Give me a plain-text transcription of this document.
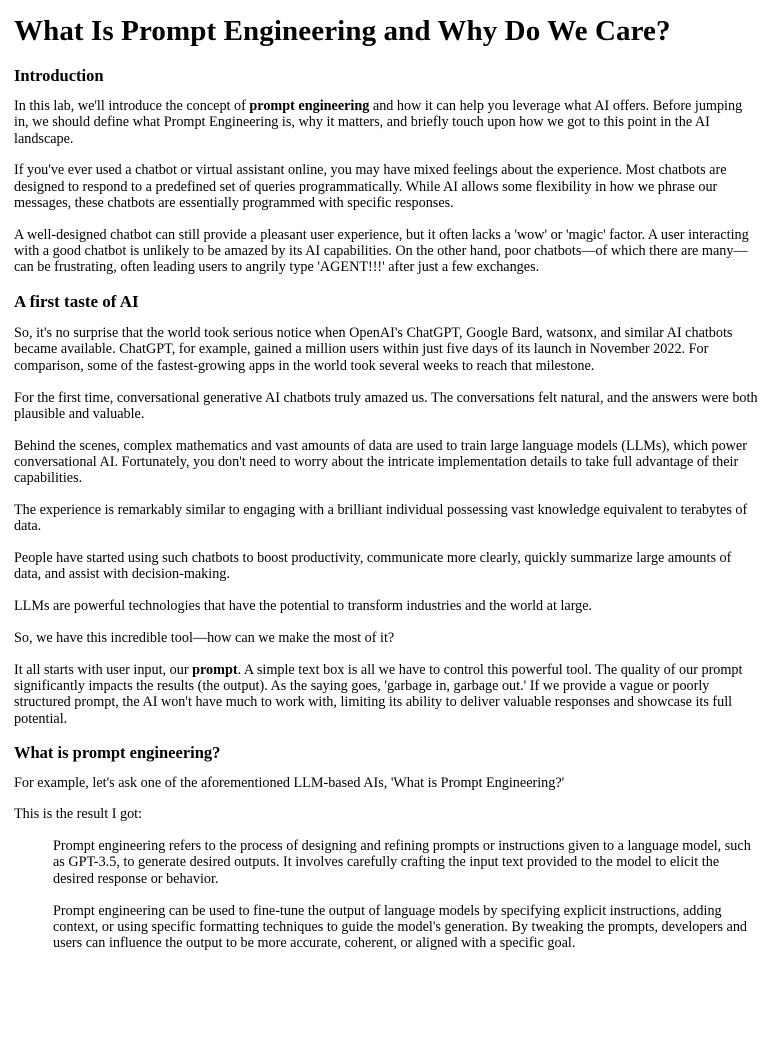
What Is Prompt Engineering and Why Do We Care?
Introduction

In this lab, we'll introduce the concept of prompt engineering and how it can help you leverage what AI offers. Before jumping in, we should define what Prompt Engineering is, why it matters, and briefly touch upon how we got to this point in the AI landscape.

If you've ever used a chatbot or virtual assistant online, you may have mixed feelings about the experience. Most chatbots are designed to respond to a predefined set of queries programmatically. While AI allows some flexibility in how we phrase our messages, these chatbots are essentially programmed with specific responses.

A well-designed chatbot can still provide a pleasant user experience, but it often lacks a 'wow' or 'magic' factor. A user interacting with a good chatbot is unlikely to be amazed by its AI capabilities. On the other hand, poor chatbots—of which there are many—can be frustrating, often leading users to angrily type 'AGENT!!!' after just a few exchanges.

A first taste of AI

So, it's no surprise that the world took serious notice when OpenAI's ChatGPT, Google Bard, watsonx, and similar AI chatbots became available. ChatGPT, for example, gained a million users within just five days of its launch in November 2022. For comparison, some of the fastest-growing apps in the world took several weeks to reach that milestone.

For the first time, conversational generative AI chatbots truly amazed us. The conversations felt natural, and the answers were both plausible and valuable.

Behind the scenes, complex mathematics and vast amounts of data are used to train large language models (LLMs), which power conversational AI. Fortunately, you don't need to worry about the intricate implementation details to take full advantage of their capabilities.

The experience is remarkably similar to engaging with a brilliant individual possessing vast knowledge equivalent to terabytes of data.

People have started using such chatbots to boost productivity, communicate more clearly, quickly summarize large amounts of data, and assist with decision-making.

LLMs are powerful technologies that have the potential to transform industries and the world at large.

So, we have this incredible tool—how can we make the most of it?

It all starts with user input, our prompt. A simple text box is all we have to control this powerful tool. The quality of our prompt significantly impacts the results (the output). As the saying goes, 'garbage in, garbage out.' If we provide a vague or poorly structured prompt, the AI won't have much to work with, limiting its ability to deliver valuable responses and showcase its full potential.

What is prompt engineering?

For example, let's ask one of the aforementioned LLM-based AIs, 'What is Prompt Engineering?'

This is the result I got:

Prompt engineering refers to the process of designing and refining prompts or instructions given to a language model, such as GPT-3.5, to generate desired outputs. It involves carefully crafting the input text provided to the model to elicit the desired response or behavior.

Prompt engineering can be used to fine-tune the output of language models by specifying explicit instructions, adding context, or using specific formatting techniques to guide the model's generation. By tweaking the prompts, developers and users can influence the output to be more accurate, coherent, or aligned with a specific goal.
